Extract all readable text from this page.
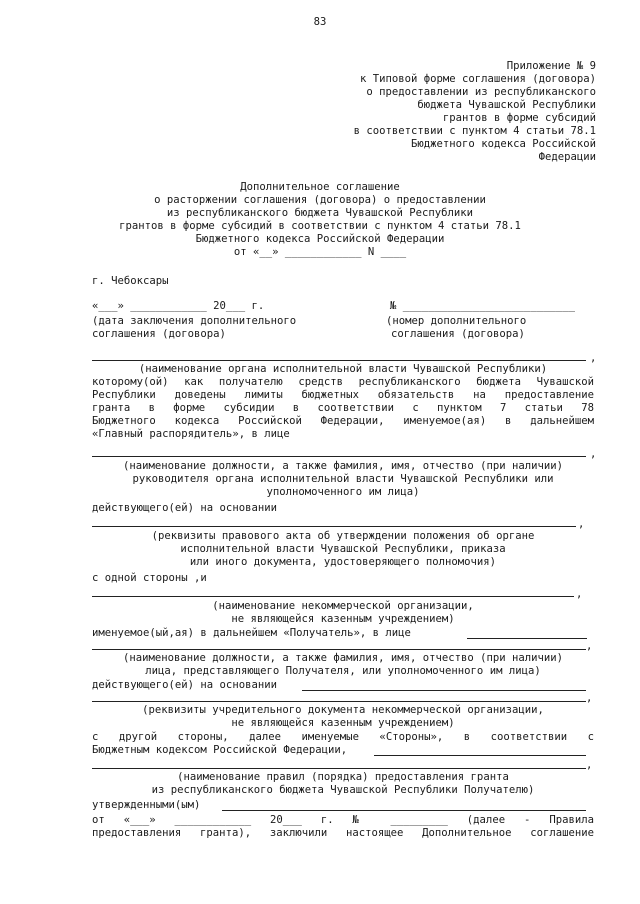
83
Приложение № 9
к Типовой форме соглашения (договора)
о предоставлении из республиканского
бюджета Чувашской Республики
грантов в форме субсидий
в соответствии с пунктом 4 статьи 78.1
Бюджетного кодекса Российской
Федерации
Дополнительное соглашение
о расторжении соглашения (договора) о предоставлении
из республиканского бюджета Чувашской Республики
грантов в форме субсидий в соответствии с пунктом 4 статьи 78.1
Бюджетного кодекса Российской Федерации
от «__» ____________ N ____
г. Чебоксары
«___» ____________ 20___ г.	№ ___________________________
(дата заключения дополнительного
соглашения (договора)
(номер дополнительного
соглашения (договора)
,
(наименование органа исполнительной власти Чувашской Республики)
которому(ой) как получателю средств республиканского бюджета Чувашской
Республики доведены лимиты бюджетных обязательств на предоставление
гранта в форме субсидии в соответствии с пунктом 7 статьи 78
Бюджетного кодекса Российской Федерации, именуемое(ая) в дальнейшем
«Главный распорядитель», в лице
,
(наименование должности, а также фамилия, имя, отчество (при наличии)
руководителя органа исполнительной власти Чувашской Республики или
уполномоченного им лица)
действующего(ей) на основании
,
(реквизиты правового акта об утверждении положения об органе
исполнительной власти Чувашской Республики, приказа
или иного документа, удостоверяющего полномочия)
с одной стороны ,и
,
(наименование некоммерческой организации,
не являющейся казенным учреждением)
именуемое(ый,ая) в дальнейшем «Получатель», в лице
,
(наименование должности, а также фамилия, имя, отчество (при наличии)
лица, представляющего Получателя, или уполномоченного им лица)
действующего(ей) на основании
,
(реквизиты учредительного документа некоммерческой организации,
не являющейся казенным учреждением)
с другой стороны, далее именуемые «Стороны», в соответствии с
Бюджетным кодексом Российской Федерации,
,
(наименование правил (порядка) предоставления гранта
из республиканского бюджета Чувашской Республики Получателю)
утвержденными(ым)
от «___» ____________ 20___ г. № _________ (далее - Правила
предоставления гранта), заключили настоящее Дополнительное соглашение
